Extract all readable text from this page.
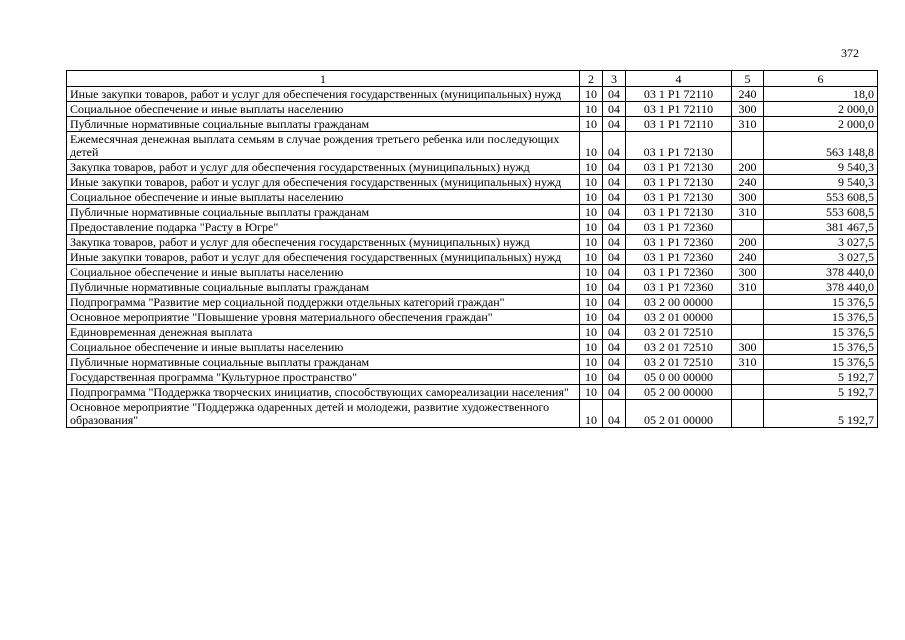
372
1	2	3	4	5	6
Иные закупки товаров, работ и услуг для обеспечения государственных (муниципальных) нужд	10	04	03 1 P1 72110	240	18,0
Социальное обеспечение и иные выплаты населению	10	04	03 1 P1 72110	300	2 000,0
Публичные нормативные социальные выплаты гражданам	10	04	03 1 P1 72110	310	2 000,0
Ежемесячная денежная выплата семьям в случае рождения третьего ребенка или последующих детей	10	04	03 1 P1 72130		563 148,8
Закупка товаров, работ и услуг для обеспечения государственных (муниципальных) нужд	10	04	03 1 P1 72130	200	9 540,3
Иные закупки товаров, работ и услуг для обеспечения государственных (муниципальных) нужд	10	04	03 1 P1 72130	240	9 540,3
Социальное обеспечение и иные выплаты населению	10	04	03 1 P1 72130	300	553 608,5
Публичные нормативные социальные выплаты гражданам	10	04	03 1 P1 72130	310	553 608,5
Предоставление подарка "Расту в Югре"	10	04	03 1 P1 72360		381 467,5
Закупка товаров, работ и услуг для обеспечения государственных (муниципальных) нужд	10	04	03 1 P1 72360	200	3 027,5
Иные закупки товаров, работ и услуг для обеспечения государственных (муниципальных) нужд	10	04	03 1 P1 72360	240	3 027,5
Социальное обеспечение и иные выплаты населению	10	04	03 1 P1 72360	300	378 440,0
Публичные нормативные социальные выплаты гражданам	10	04	03 1 P1 72360	310	378 440,0
Подпрограмма "Развитие мер социальной поддержки отдельных категорий граждан"	10	04	03 2 00 00000		15 376,5
Основное мероприятие "Повышение уровня материального обеспечения граждан"	10	04	03 2 01 00000		15 376,5
Единовременная денежная выплата	10	04	03 2 01 72510		15 376,5
Социальное обеспечение и иные выплаты населению	10	04	03 2 01 72510	300	15 376,5
Публичные нормативные социальные выплаты гражданам	10	04	03 2 01 72510	310	15 376,5
Государственная программа "Культурное пространство"	10	04	05 0 00 00000		5 192,7
Подпрограмма "Поддержка творческих инициатив, способствующих самореализации населения"	10	04	05 2 00 00000		5 192,7
Основное мероприятие "Поддержка одаренных детей и молодежи, развитие художественного образования"	10	04	05 2 01 00000		5 192,7
